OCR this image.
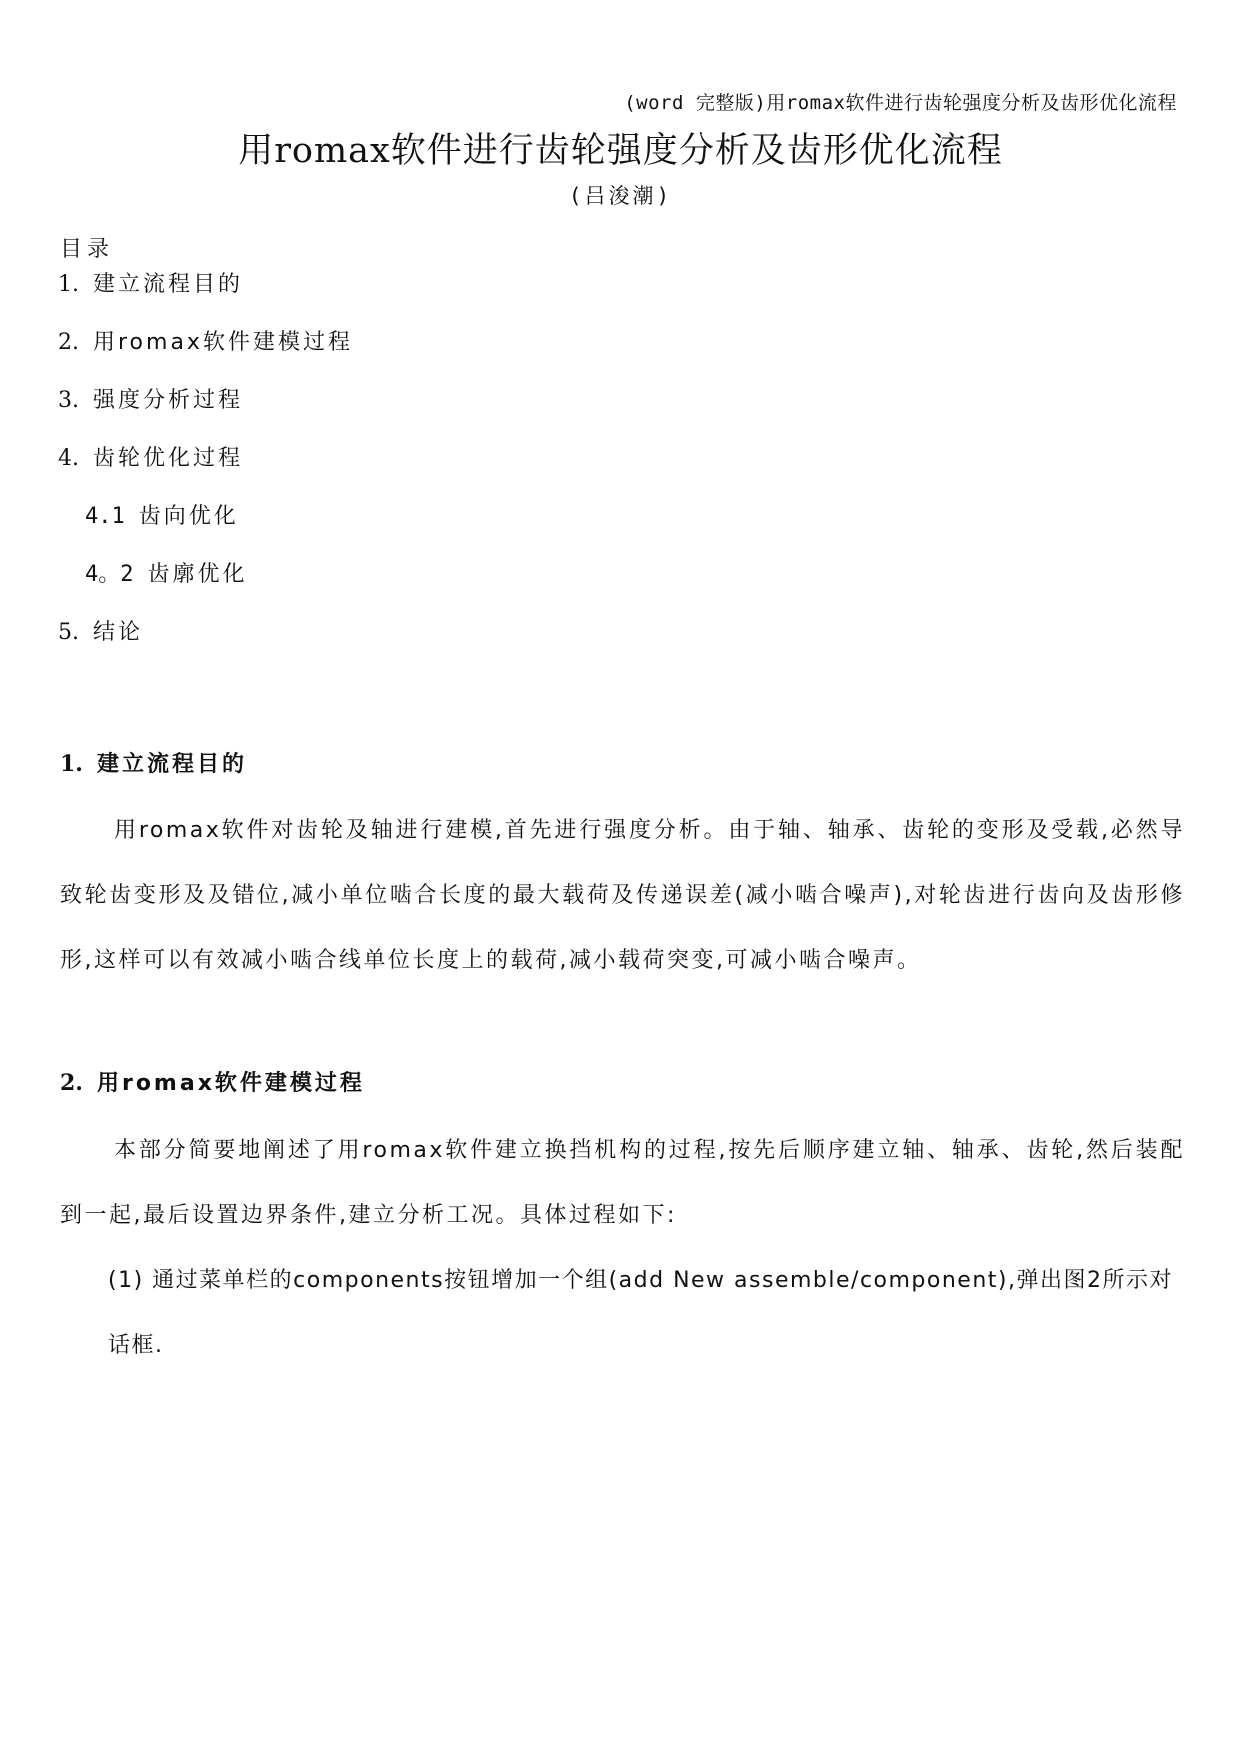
(word 完整版)用romax软件进行齿轮强度分析及齿形优化流程
用romax软件进行齿轮强度分析及齿形优化流程
(吕浚潮)
目录
1. 建立流程目的
2. 用romax软件建模过程
3. 强度分析过程
4. 齿轮优化过程
4.1 齿向优化
4。2 齿廓优化
5. 结论
1. 建立流程目的
用romax软件对齿轮及轴进行建模,首先进行强度分析。由于轴、轴承、齿轮的变形及受载,必然导致轮齿变形及及错位,减小单位啮合长度的最大载荷及传递误差(减小啮合噪声),对轮齿进行齿向及齿形修形,这样可以有效减小啮合线单位长度上的载荷,减小载荷突变,可减小啮合噪声。
2. 用romax软件建模过程
本部分简要地阐述了用romax软件建立换挡机构的过程,按先后顺序建立轴、轴承、齿轮,然后装配到一起,最后设置边界条件,建立分析工况。具体过程如下:
(1) 通过菜单栏的components按钮增加一个组(add New assemble/component),弹出图2所示对话框.
